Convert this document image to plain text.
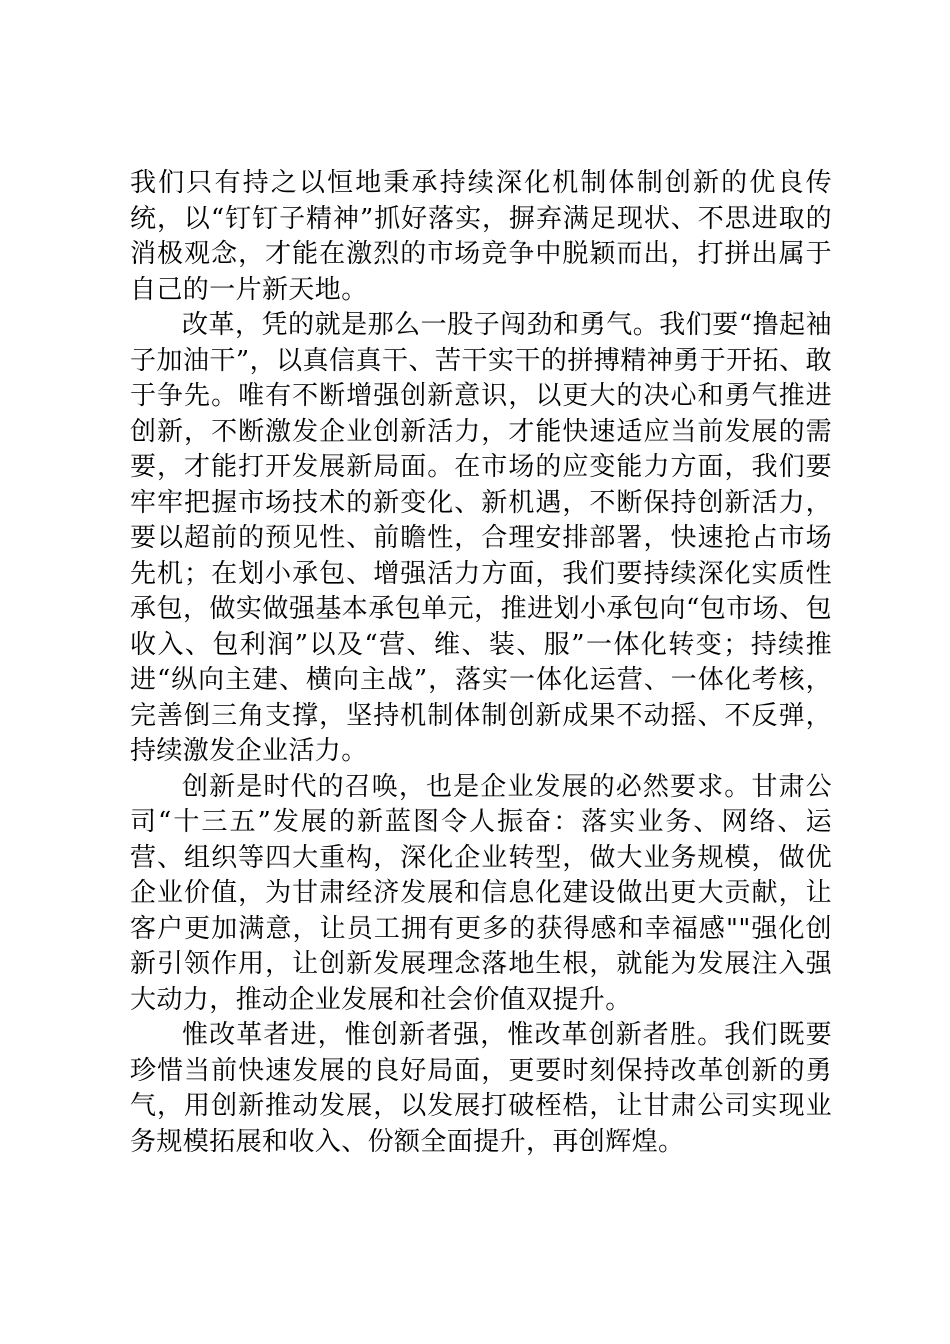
我们只有持之以恒地秉承持续深化机制体制创新的优良传统，以“钉钉子精神”抓好落实，摒弃满足现状、不思进取的消极观念，才能在激烈的市场竞争中脱颖而出，打拼出属于自己的一片新天地。

改革，凭的就是那么一股子闯劲和勇气。我们要“撸起袖子加油干”，以真信真干、苦干实干的拼搏精神勇于开拓、敢于争先。唯有不断增强创新意识，以更大的决心和勇气推进创新，不断激发企业创新活力，才能快速适应当前发展的需要，才能打开发展新局面。在市场的应变能力方面，我们要牢牢把握市场技术的新变化、新机遇，不断保持创新活力，要以超前的预见性、前瞻性，合理安排部署，快速抢占市场先机；在划小承包、增强活力方面，我们要持续深化实质性承包，做实做强基本承包单元，推进划小承包向“包市场、包收入、包利润”以及“营、维、装、服”一体化转变；持续推进“纵向主建、横向主战”，落实一体化运营、一体化考核，完善倒三角支撑，坚持机制体制创新成果不动摇、不反弹，持续激发企业活力。

创新是时代的召唤，也是企业发展的必然要求。甘肃公司“十三五”发展的新蓝图令人振奋：落实业务、网络、运营、组织等四大重构，深化企业转型，做大业务规模，做优企业价值，为甘肃经济发展和信息化建设做出更大贡献，让客户更加满意，让员工拥有更多的获得感和幸福感""强化创新引领作用，让创新发展理念落地生根，就能为发展注入强大动力，推动企业发展和社会价值双提升。

惟改革者进，惟创新者强，惟改革创新者胜。我们既要珍惜当前快速发展的良好局面，更要时刻保持改革创新的勇气，用创新推动发展，以发展打破桎梏，让甘肃公司实现业务规模拓展和收入、份额全面提升，再创辉煌。
